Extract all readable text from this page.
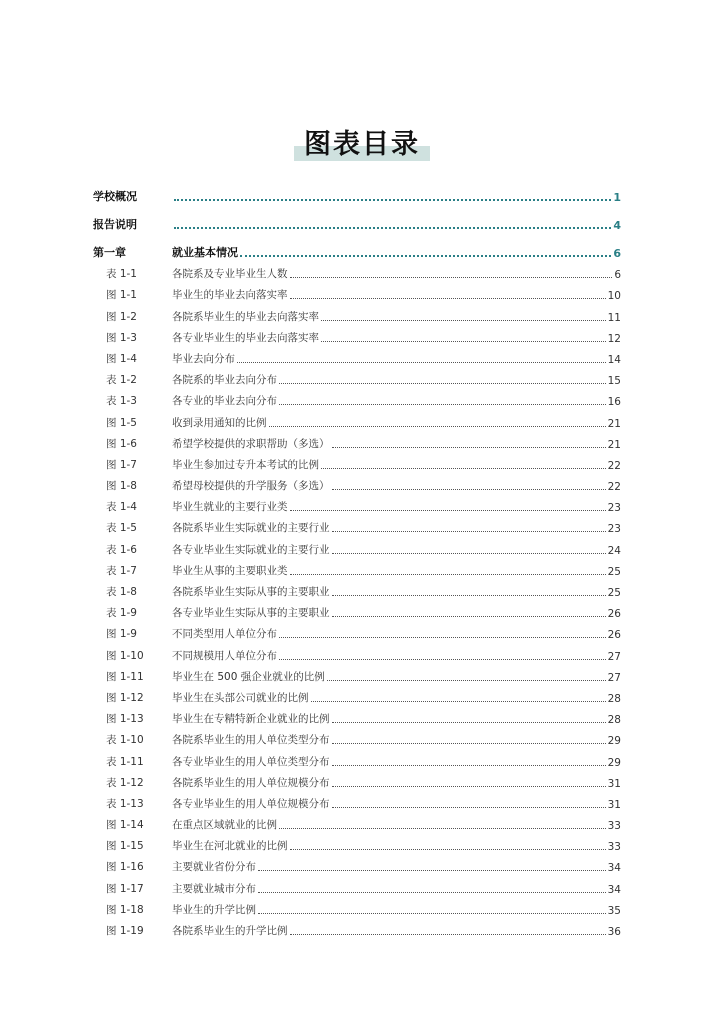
图表目录
学校概况	1
报告说明	4
第一章	就业基本情况	6
表 1-1	各院系及专业毕业生人数	6
图 1-1	毕业生的毕业去向落实率	10
图 1-2	各院系毕业生的毕业去向落实率	11
图 1-3	各专业毕业生的毕业去向落实率	12
图 1-4	毕业去向分布	14
表 1-2	各院系的毕业去向分布	15
表 1-3	各专业的毕业去向分布	16
图 1-5	收到录用通知的比例	21
图 1-6	希望学校提供的求职帮助（多选）	21
图 1-7	毕业生参加过专升本考试的比例	22
图 1-8	希望母校提供的升学服务（多选）	22
表 1-4	毕业生就业的主要行业类	23
表 1-5	各院系毕业生实际就业的主要行业	23
表 1-6	各专业毕业生实际就业的主要行业	24
表 1-7	毕业生从事的主要职业类	25
表 1-8	各院系毕业生实际从事的主要职业	25
表 1-9	各专业毕业生实际从事的主要职业	26
图 1-9	不同类型用人单位分布	26
图 1-10	不同规模用人单位分布	27
图 1-11	毕业生在 500 强企业就业的比例	27
图 1-12	毕业生在头部公司就业的比例	28
图 1-13	毕业生在专精特新企业就业的比例	28
表 1-10	各院系毕业生的用人单位类型分布	29
表 1-11	各专业毕业生的用人单位类型分布	29
表 1-12	各院系毕业生的用人单位规模分布	31
表 1-13	各专业毕业生的用人单位规模分布	31
图 1-14	在重点区域就业的比例	33
图 1-15	毕业生在河北就业的比例	33
图 1-16	主要就业省份分布	34
图 1-17	主要就业城市分布	34
图 1-18	毕业生的升学比例	35
图 1-19	各院系毕业生的升学比例	36
